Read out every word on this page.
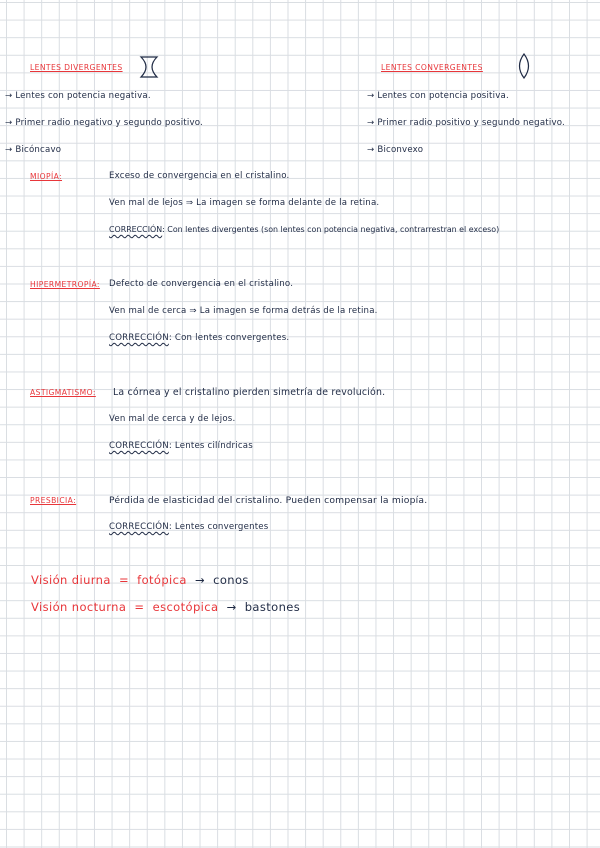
LENTES DIVERGENTES
→ Lentes con potencia negativa.
→ Primer radio negativo y segundo positivo.
→ Bicóncavo
LENTES CONVERGENTES
→ Lentes con potencia positiva.
→ Primer radio positivo y segundo negativo.
→ Biconvexo
MIOPÍA:	Exceso de convergencia en el cristalino.
Ven mal de lejos ⇒ La imagen se forma delante de la retina.
CORRECCIÓN: Con lentes divergentes (son lentes con potencia negativa, contrarrestran el exceso)
HIPERMETROPÍA: Defecto de convergencia en el cristalino.
Ven mal de cerca ⇒ La imagen se forma detrás de la retina.
CORRECCIÓN: Con lentes convergentes.
ASTIGMATISMO: La córnea y el cristalino pierden simetría de revolución.
Ven mal de cerca y de lejos.
CORRECCIÓN: Lentes cilíndricas
PRESBICIA:	Pérdida de elasticidad del cristalino. Pueden compensar la miopía.
CORRECCIÓN: Lentes convergentes
Visión diurna = fotópica → conos
Visión nocturna = escotópica → bastones
